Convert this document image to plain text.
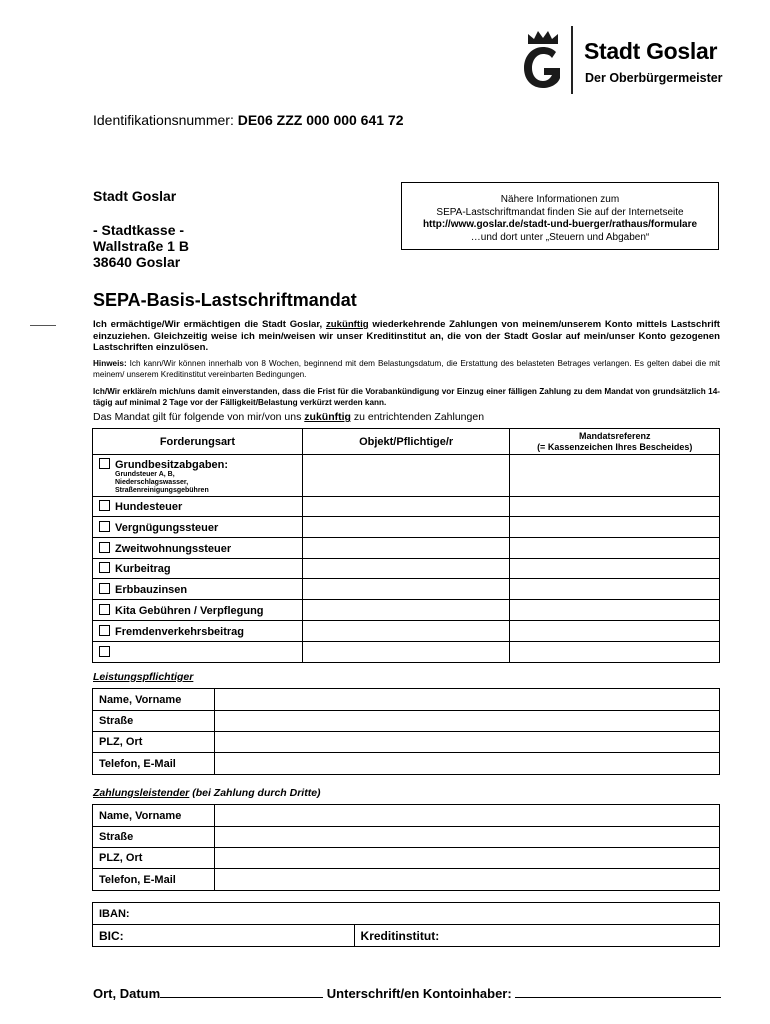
Stadt Goslar
Der Oberbürgermeister
Identifikationsnummer: DE06 ZZZ 000 000 641 72
Stadt Goslar
- Stadtkasse -
Wallstraße 1 B
38640 Goslar
Nähere Informationen zum
SEPA-Lastschriftmandat finden Sie auf der Internetseite
http://www.goslar.de/stadt-und-buerger/rathaus/formulare
…und dort unter „Steuern und Abgaben“
SEPA-Basis-Lastschriftmandat
Ich ermächtige/Wir ermächtigen die Stadt Goslar, zukünftig wiederkehrende Zahlungen von meinem/unserem Konto mittels Lastschrift einzuziehen. Gleichzeitig weise ich mein/weisen wir unser Kreditinstitut an, die von der Stadt Goslar auf mein/unser Konto gezogenen Lastschriften einzulösen.
Hinweis: Ich kann/Wir können innerhalb von 8 Wochen, beginnend mit dem Belastungsdatum, die Erstattung des belasteten Betrages verlangen. Es gelten dabei die mit meinem/ unserem Kreditinstitut vereinbarten Bedingungen.
Ich/Wir erkläre/n mich/uns damit einverstanden, dass die Frist für die Vorabankündigung vor Einzug einer fälligen Zahlung zu dem Mandat von grundsätzlich 14-tägig auf minimal 2 Tage vor der Fälligkeit/Belastung verkürzt werden kann.
Das Mandat gilt für folgende von mir/von uns zukünftig zu entrichtenden Zahlungen
Forderungsart	Objekt/Pflichtige/r	Mandatsreferenz
(= Kassenzeichen Ihres Bescheides)

Grundbesitzabgaben:
Grundsteuer A, B,
Niederschlagswasser,
Straßenreinigungsgebühren		

Hundesteuer		
Vergnügungssteuer		
Zweitwohnungssteuer		
Kurbeitrag		
Erbbauzinsen		
Kita Gebühren / Verpflegung		
Fremdenverkehrsbeitrag		

Leistungspflichtiger
Name, Vorname	
Straße	
PLZ, Ort	
Telefon, E-Mail	
Zahlungsleistender (bei Zahlung durch Dritte)
Name, Vorname	
Straße	
PLZ, Ort	
Telefon, E-Mail	
IBAN:
BIC:	Kreditinstitut:
Ort, Datum	Unterschrift/en Kontoinhaber:
